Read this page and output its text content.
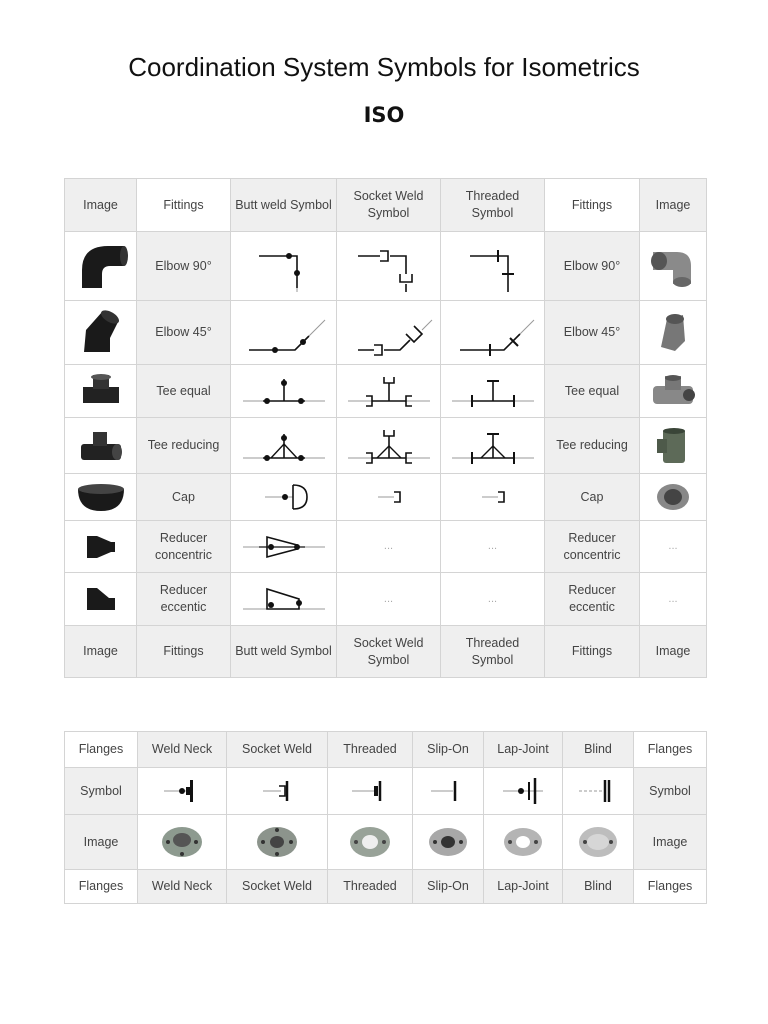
Coordination System Symbols for Isometrics
ISO
Image	Fittings	Butt weld Symbol	Socket Weld Symbol	Threaded Symbol	Fittings	Image

	Elbow 90°				Elbow 90°	

	Elbow 45°				Elbow 45°	

	Tee equal				Tee equal	

	Tee reducing				Tee reducing	

	Cap				Cap	

	Reducer concentric		...	...	Reducer concentric	...

	Reducer eccentic		...	...	Reducer eccentic	...
Image	Fittings	Butt weld Symbol	Socket Weld Symbol	Threaded Symbol	Fittings	Image
Flanges	Weld Neck	Socket Weld	Threaded	Slip-On	Lap-Joint	Blind	Flanges
Symbol							Symbol
Image							Image
Flanges	Weld Neck	Socket Weld	Threaded	Slip-On	Lap-Joint	Blind	Flanges
